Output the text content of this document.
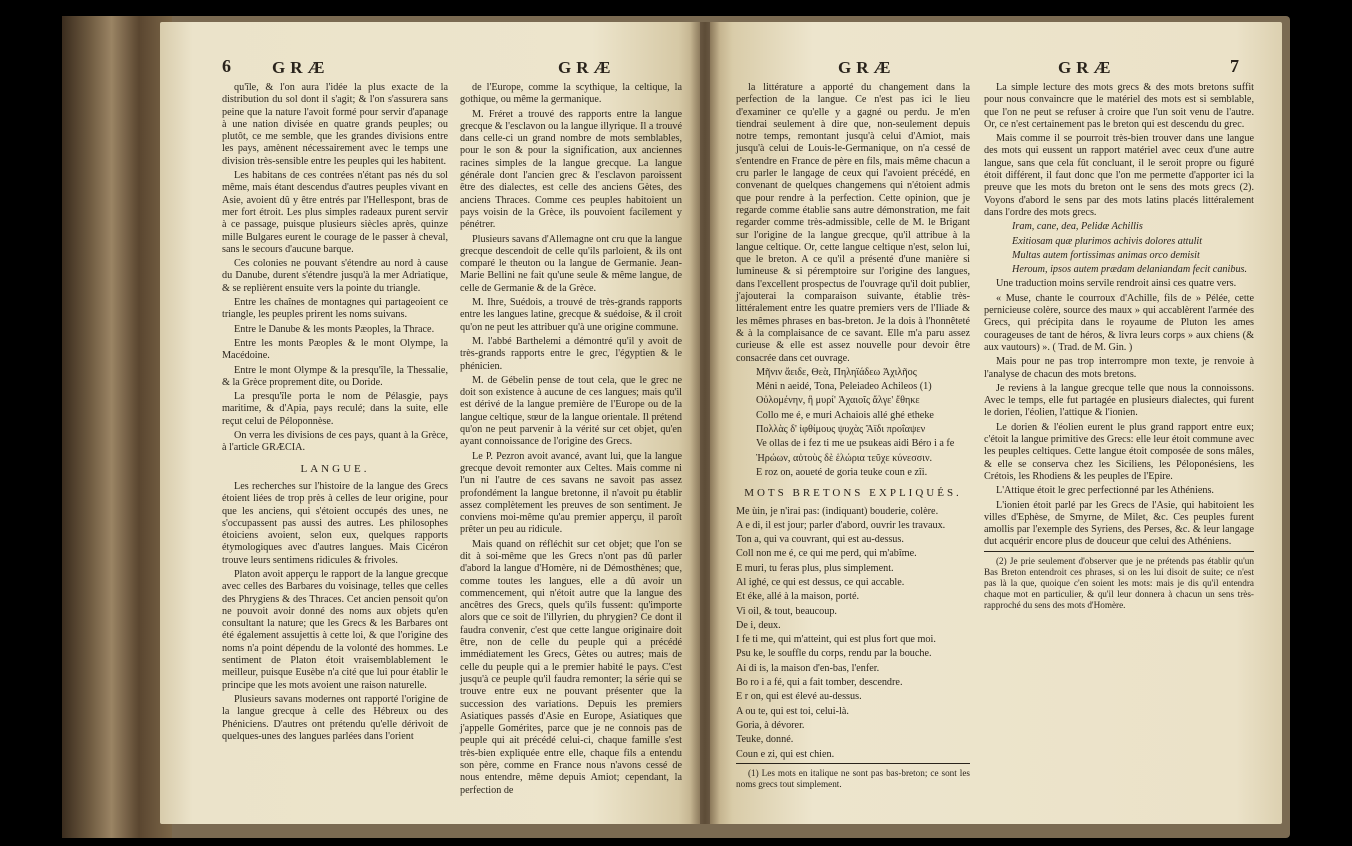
6 GRÆ	GRÆ

qu'île, & l'on aura l'idée la plus exacte de la distribution du sol dont il s'agit; & l'on s'assurera sans peine que la nature l'avoit formé pour servir d'apanage à une nation divisée en quatre grands peuples; ou plutôt, ce me semble, que les grandes divisions entre les pays, amènent nécessairement avec le temps une division très-sensible entre les peuples qui les habitent.

Les habitans de ces contrées n'étant pas nés du sol même, mais étant descendus d'autres peuples vivant en Asie, avoient dû y être entrés par l'Hellespont, bras de mer fort étroit. Les plus simples radeaux purent servir à ce passage, puisque plusieurs siècles après, quinze mille Bulgares eurent le courage de le passer à cheval, sans le secours d'aucune barque.

Ces colonies ne pouvant s'étendre au nord à cause du Danube, durent s'étendre jusqu'à la mer Adriatique, & se replièrent ensuite vers la pointe du triangle.

Entre les chaînes de montagnes qui partageoient ce triangle, les peuples prirent les noms suivans.

Entre le Danube & les monts Pæoples, la Thrace.

Entre les monts Pæoples & le mont Olympe, la Macédoine.

Entre le mont Olympe & la presqu'île, la Thessalie, & la Grèce proprement dite, ou Doride.

La presqu'île porta le nom de Pélasgie, pays maritime, & d'Apia, pays reculé; dans la suite, elle reçut celui de Péloponnèse.

On verra les divisions de ces pays, quant à la Grèce, à l'article GRÆCIA.

LANGUE.

Les recherches sur l'histoire de la langue des Grecs étoient liées de trop près à celles de leur origine, pour que les anciens, qui s'étoient occupés des unes, ne s'occupassent pas aussi des autres. Les philosophes étoiciens avoient, selon eux, quelques rapports étymologiques avec d'autres langues. Mais Cicéron trouve leurs sentimens ridicules & frivoles.

Platon avoit apperçu le rapport de la langue grecque avec celles des Barbares du voisinage, telles que celles des Phrygiens & des Thraces. Cet ancien pensoit qu'on ne pouvoit avoir donné des noms aux objets qu'en consultant la nature; que les Grecs & les Barbares ont été également assujettis à cette loi, & que l'origine des noms n'a point dépendu de la volonté des hommes. Le sentiment de Platon étoit vraisemblablement le meilleur, puisque Eusèbe n'a cité que lui pour établir le principe que les mots avoient une raison naturelle.

Plusieurs savans modernes ont rapporté l'origine de la langue grecque à celle des Hébreux ou des Phéniciens. D'autres ont prétendu qu'elle dérivoit de quelques-unes des langues parlées dans l'orient

de l'Europe, comme la scythique, la celtique, la gothique, ou même la germanique.

M. Fréret a trouvé des rapports entre la langue grecque & l'esclavon ou la langue illyrique. Il a trouvé dans celle-ci un grand nombre de mots semblables, pour le son & pour la signification, aux anciennes racines simples de la langue grecque. La langue générale dont l'ancien grec & l'esclavon paroissent être des dialectes, est celle des anciens Gètes, des anciens Thraces. Comme ces peuples habitoient un pays voisin de la Grèce, ils pouvoient facilement y pénétrer.

Plusieurs savans d'Allemagne ont cru que la langue grecque descendoit de celle qu'ils parloient, & ils ont comparé le theuton ou la langue de Germanie. Jean-Marie Bellini ne fait qu'une seule & même langue, de celle de Germanie & de la Grèce.

M. Ihre, Suédois, a trouvé de très-grands rapports entre les langues latine, grecque & suédoise, & il croit qu'on ne peut les attribuer qu'à une origine commune.

M. l'abbé Barthelemi a démontré qu'il y avoit de très-grands rapports entre le grec, l'égyptien & le phénicien.

M. de Gébelin pense de tout cela, que le grec ne doit son existence à aucune de ces langues; mais qu'il est dérivé de la langue première de l'Europe ou de la langue celtique, sœur de la langue orientale. Il prétend qu'on ne peut parvenir à la vérité sur cet objet, qu'en ayant connoissance de l'origine des Grecs.

Le P. Pezron avoit avancé, avant lui, que la langue grecque devoit remonter aux Celtes. Mais comme ni l'un ni l'autre de ces savans ne savoit pas assez profondément la langue bretonne, il n'avoit pu établir assez complètement les preuves de son sentiment. Je conviens moi-même qu'au premier apperçu, il paroît prêter un peu au ridicule.

Mais quand on réfléchit sur cet objet; que l'on se dit à soi-même que les Grecs n'ont pas dû parler d'abord la langue d'Homère, ni de Démosthènes; que, comme toutes les langues, elle a dû avoir un commencement, qui n'étoit autre que la langue des ancêtres des Grecs, quels qu'ils fussent: qu'importe alors que ce soit de l'illyrien, du phrygien? Ce dont il faudra convenir, c'est que cette langue originaire doit être, non de celle du peuple qui a précédé immédiatement les Grecs, Gètes ou autres; mais de celle du peuple qui a le premier habité le pays. C'est jusqu'à ce peuple qu'il faudra remonter; la série qui se trouve entre eux ne pouvant présenter que la succession des variations. Depuis les premiers Asiatiques passés d'Asie en Europe, Asiatiques que j'appelle Gomérites, parce que je ne connois pas de peuple qui ait précédé celui-ci, chaque famille s'est très-bien expliquée entre elle, chaque fils a entendu son père, comme en France nous n'avons cessé de nous entendre, même depuis Amiot; cependant, la perfection de

GRÆ	GRÆ	7

la littérature a apporté du changement dans la perfection de la langue. Ce n'est pas ici le lieu d'examiner ce qu'elle y a gagné ou perdu. Je m'en tiendrai seulement à dire que, non-seulement depuis notre temps, remontant jusqu'à celui d'Amiot, mais jusqu'à celui de Louis-le-Germanique, on n'a cessé de s'entendre en France de père en fils, mais même chacun a cru parler le langage de ceux qui l'avoient précédé, en convenant de quelques changemens qui n'étoient admis que pour rendre à la perfection. Cette opinion, que je regarde comme établie sans autre démonstration, me fait regarder comme très-admissible, celle de M. le Brigant sur l'origine de la langue grecque, qu'il attribue à la langue celtique. Or, cette langue celtique n'est, selon lui, que le breton. A ce qu'il a présenté d'une manière si lumineuse & si péremptoire sur l'origine des langues, dans l'excellent prospectus de l'ouvrage qu'il doit publier, j'ajouterai la comparaison suivante, établie très-littéralement entre les quatre premiers vers de l'Iliade & les mêmes phrases en bas-breton. Je la dois à l'honnêteté & à la complaisance de ce savant. Elle m'a paru assez curieuse & elle est assez nouvelle pour devoir être consacrée dans cet ouvrage.

Μῆνιν ἄειδε, Θεὰ, Πηληϊάδεω Ἀχιλῆος

Méni n aeidé, Tona, Peleiadeo Achileos (1)

Οὐλομένην, ἣ μυρί' Ἀχαιοῖς ἄλγε' ἔθηκε

Collo me é, e muri Achaiois allé ghé etheke

Πολλὰς δ' ἰφθίμους ψυχὰς Ἄϊδι προΐαψεν

Ve ollas de i fez ti me ue psukeas aidi Béro i a fe

Ἡρώων, αὐτοὺς δὲ ἑλώρια τεῦχε κύνεσσιν.

E roz on, aoueté de goria teuke coun e zîi.

MOTS BRETONS EXPLIQUÉS.

Me ùin, je n'irai pas: (indiquant) bouderie, colère.

A e di, il est jour; parler d'abord, ouvrir les travaux.

Ton a, qui va couvrant, qui est au-dessus.

Coll non me é, ce qui me perd, qui m'abîme.

E muri, tu feras plus, plus simplement.

Al ighé, ce qui est dessus, ce qui accable.

Et éke, allé à la maison, porté.

Vi oil, & tout, beaucoup.

De i, deux.

I fe ti me, qui m'atteint, qui est plus fort que moi.

Psu ke, le souffle du corps, rendu par la bouche.

Ai di is, la maison d'en-bas, l'enfer.

Bo ro i a fé, qui a fait tomber, descendre.

E r on, qui est élevé au-dessus.

A ou te, qui est toi, celui-là.

Goria, à dévorer.

Teuke, donné.

Coun e zi, qui est chien.

(1) Les mots en italique ne sont pas bas-breton; ce sont les noms grecs tout simplement.

La simple lecture des mots grecs & des mots bretons suffit pour nous convaincre que le matériel des mots est si semblable, que l'on ne peut se refuser à croire que l'un soit venu de l'autre. Or, ce n'est certainement pas le breton qui est descendu du grec.

Mais comme il se pourroit très-bien trouver dans une langue des mots qui eussent un rapport matériel avec ceux d'une autre langue, sans que cela fût concluant, il le seroit propre ou figuré étoit différent, il faut donc que l'on me permette d'apporter ici la preuve que les mots du breton ont le sens des mots grecs (2). Voyons d'abord le sens par des mots latins placés littéralement dans l'ordre des mots grecs.

Iram, cane, dea, Pelidæ Achillis

Exitiosam quæ plurimos achivis dolores attulit

Multas autem fortissimas animas orco demisit

Heroum, ipsos autem prædam delaniandam fecit canibus.

Une traduction moins servile rendroit ainsi ces quatre vers.

« Muse, chante le courroux d'Achille, fils de » Pélée, cette pernicieuse colère, source des maux » qui accablèrent l'armée des Grecs, qui précipita dans le royaume de Pluton les ames courageuses de tant de héros, & livra leurs corps » aux chiens (& aux vautours) ». ( Trad. de M. Gin. )

Mais pour ne pas trop interrompre mon texte, je renvoie à l'analyse de chacun des mots bretons.

Je reviens à la langue grecque telle que nous la connoissons. Avec le temps, elle fut partagée en plusieurs dialectes, qui furent le dorien, l'éolien, l'attique & l'ionien.

Le dorien & l'éolien eurent le plus grand rapport entre eux; c'étoit la langue primitive des Grecs: elle leur étoit commune avec les peuples celtiques. Cette langue étoit composée de sons mâles, & elle se conserva chez les Siciliens, les Péloponésiens, les Crétois, les Rhodiens & les peuples de l'Epire.

L'Attique étoit le grec perfectionné par les Athéniens.

L'ionien étoit parlé par les Grecs de l'Asie, qui habitoient les villes d'Ephèse, de Smyrne, de Milet, &c. Ces peuples furent amollis par l'exemple des Syriens, des Perses, &c. & leur langage dut acquérir encore plus de douceur que celui des Athéniens.

(2) Je prie seulement d'observer que je ne prétends pas établir qu'un Bas Breton entendroit ces phrases, si on les lui disoit de suite; ce n'est pas là la que, quoique c'en soient les mots: mais je dis qu'il entendra chaque mot en particulier, & qu'il leur donnera à chacun un sens très-rapproché du sens des mots d'Homère.
